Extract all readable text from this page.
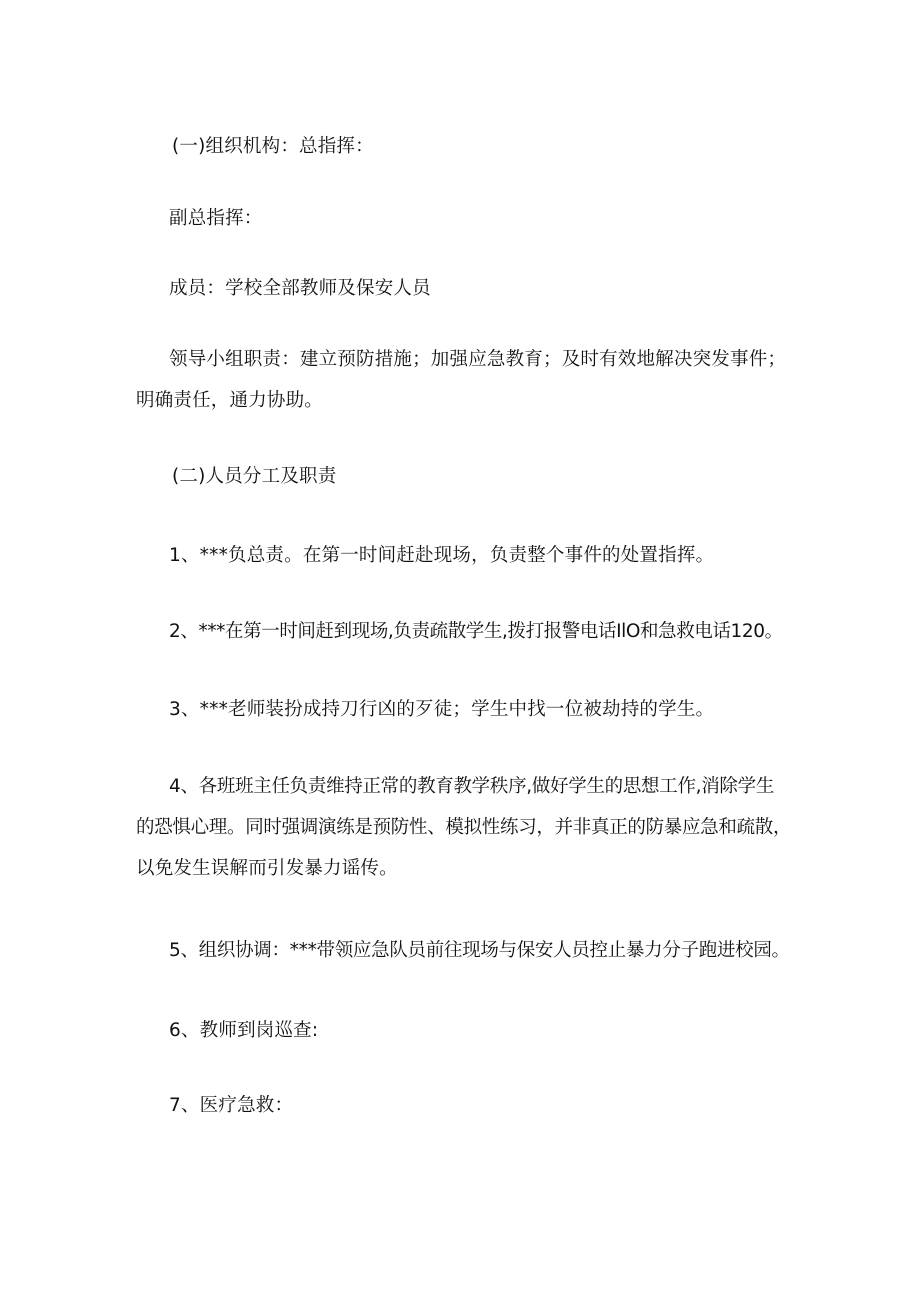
(一)组织机构：总指挥：
副总指挥：
成员：学校全部教师及保安人员
领导小组职责：建立预防措施；加强应急教育；及时有效地解决突发事件；
明确责任，通力协助。
(二)人员分工及职责
1、***负总责。在第一时间赶赴现场，负责整个事件的处置指挥。
2、***在第一时间赶到现场,负责疏散学生,拨打报警电话IlO和急救电话120。
3、***老师装扮成持刀行凶的歹徒；学生中找一位被劫持的学生。
4、各班班主任负责维持正常的教育教学秩序,做好学生的思想工作,消除学生
的恐惧心理。同时强调演练是预防性、模拟性练习，并非真正的防暴应急和疏散，
以免发生误解而引发暴力谣传。
5、组织协调：***带领应急队员前往现场与保安人员控止暴力分子跑进校园。
6、教师到岗巡查:
7、医疗急救：
